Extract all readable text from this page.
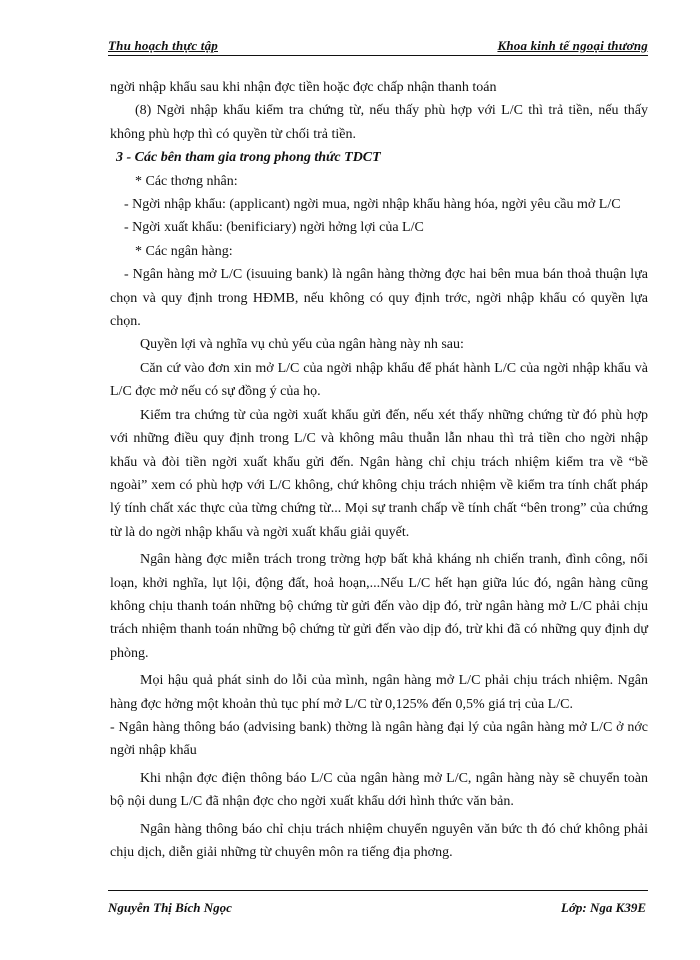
Thu hoạch thực tập	Khoa kinh tế ngoại thương

ngời nhập khẩu sau khi nhận đợc tiền hoặc đợc chấp nhận thanh toán

(8) Ngời nhập khẩu kiểm tra chứng từ, nếu thấy phù hợp với L/C thì trả tiền, nếu thấy không phù hợp thì có quyền từ chối trả tiền.

3 - Các bên tham gia trong phong thức TDCT

* Các thơng nhân:

- Ngời nhập khẩu: (applicant) ngời mua, ngời nhập khẩu hàng hóa, ngời yêu cầu mở L/C

- Ngời xuất khẩu: (benificiary) ngời hởng lợi của L/C

* Các ngân hàng:

- Ngân hàng mở L/C (isuuing bank) là ngân hàng thờng đợc hai bên mua bán thoả thuận lựa chọn và quy định trong HĐMB, nếu không có quy định trớc, ngời nhập khẩu có quyền lựa chọn.

Quyền lợi và nghĩa vụ chủ yếu của ngân hàng này nh sau:

Căn cứ vào đơn xin mở L/C của ngời nhập khẩu để phát hành L/C của ngời nhập khẩu và L/C đợc mở nếu có sự đồng ý của họ.

Kiểm tra chứng từ của ngời xuất khẩu gửi đến, nếu xét thấy những chứng từ đó phù hợp với những điều quy định trong L/C và không mâu thuẫn lẫn nhau thì trả tiền cho ngời nhập khẩu và đòi tiền ngời xuất khẩu gửi đến. Ngân hàng chỉ chịu trách nhiệm kiểm tra về “bề ngoài” xem có phù hợp với L/C không, chứ không chịu trách nhiệm về kiểm tra tính chất pháp lý tính chất xác thực của từng chứng từ... Mọi sự tranh chấp về tính chất “bên trong” của chứng từ là do ngời nhập khẩu và ngời xuất khẩu giải quyết.

Ngân hàng đợc miễn trách trong trờng hợp bất khả kháng nh chiến tranh, đình công, nổi loạn, khởi nghĩa, lụt lội, động đất, hoả hoạn,...Nếu L/C hết hạn giữa lúc đó, ngân hàng cũng không chịu thanh toán những bộ chứng từ gửi đến vào dịp đó, trừ ngân hàng mở L/C phải chịu trách nhiệm thanh toán những bộ chứng từ gửi đến vào dịp đó, trừ khi đã có những quy định dự phòng.

Mọi hậu quả phát sinh do lỗi của mình, ngân hàng mở L/C phải chịu trách nhiệm. Ngân hàng đợc hởng một khoản thủ tục phí mở L/C từ 0,125% đến 0,5% giá trị của L/C.

- Ngân hàng thông báo (advising bank) thờng là ngân hàng đại lý của ngân hàng mở L/C ở nớc ngời nhập khẩu

Khi nhận đợc điện thông báo L/C của ngân hàng mở L/C, ngân hàng này sẽ chuyển toàn bộ nội dung L/C đã nhận đợc cho ngời xuất khẩu dới hình thức văn bản.

Ngân hàng thông báo chỉ chịu trách nhiệm chuyển nguyên văn bức th đó chứ không phải chịu dịch, diễn giải những từ chuyên môn ra tiếng địa phơng.

Nguyễn Thị Bích Ngọc	Lớp: Nga K39E
